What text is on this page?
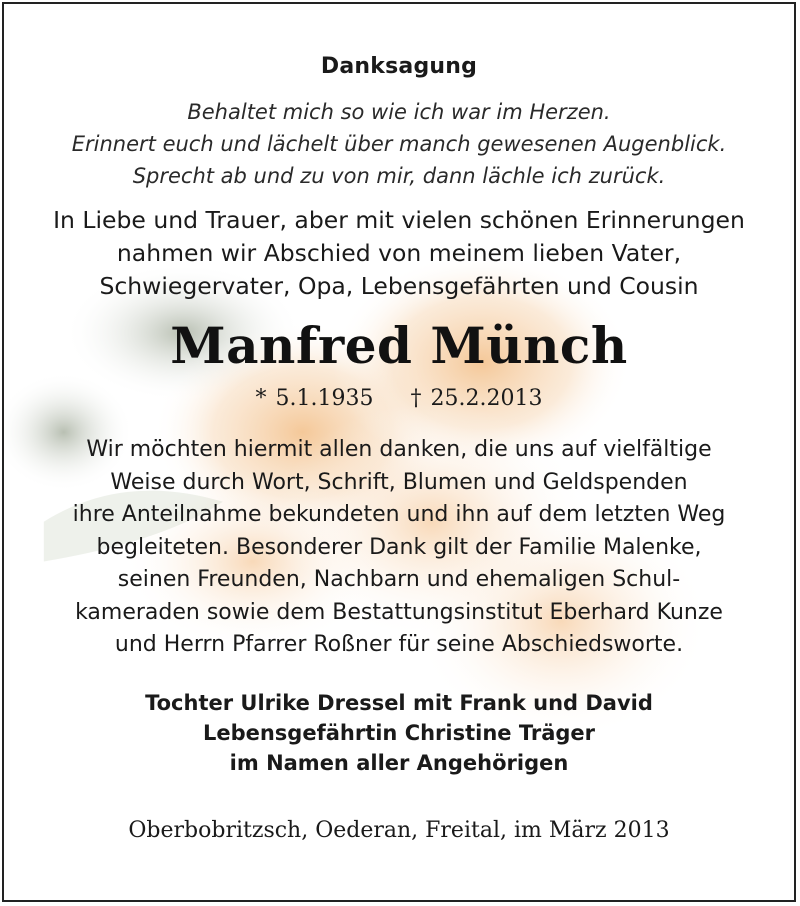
Danksagung
Behaltet mich so wie ich war im Herzen.
Erinnert euch und lächelt über manch gewesenen Augenblick.
Sprecht ab und zu von mir, dann lächle ich zurück.
In Liebe und Trauer, aber mit vielen schönen Erinnerungen
nahmen wir Abschied von meinem lieben Vater,
Schwiegervater, Opa, Lebensgefährten und Cousin
Manfred Münch
* 5.1.1935 † 25.2.2013
Wir möchten hiermit allen danken, die uns auf vielfältige
Weise durch Wort, Schrift, Blumen und Geldspenden
ihre Anteilnahme bekundeten und ihn auf dem letzten Weg
begleiteten. Besonderer Dank gilt der Familie Malenke,
seinen Freunden, Nachbarn und ehemaligen Schul-
kameraden sowie dem Bestattungsinstitut Eberhard Kunze
und Herrn Pfarrer Roßner für seine Abschiedsworte.
Tochter Ulrike Dressel mit Frank und David
Lebensgefährtin Christine Träger
im Namen aller Angehörigen
Oberbobritzsch, Oederan, Freital, im März 2013
